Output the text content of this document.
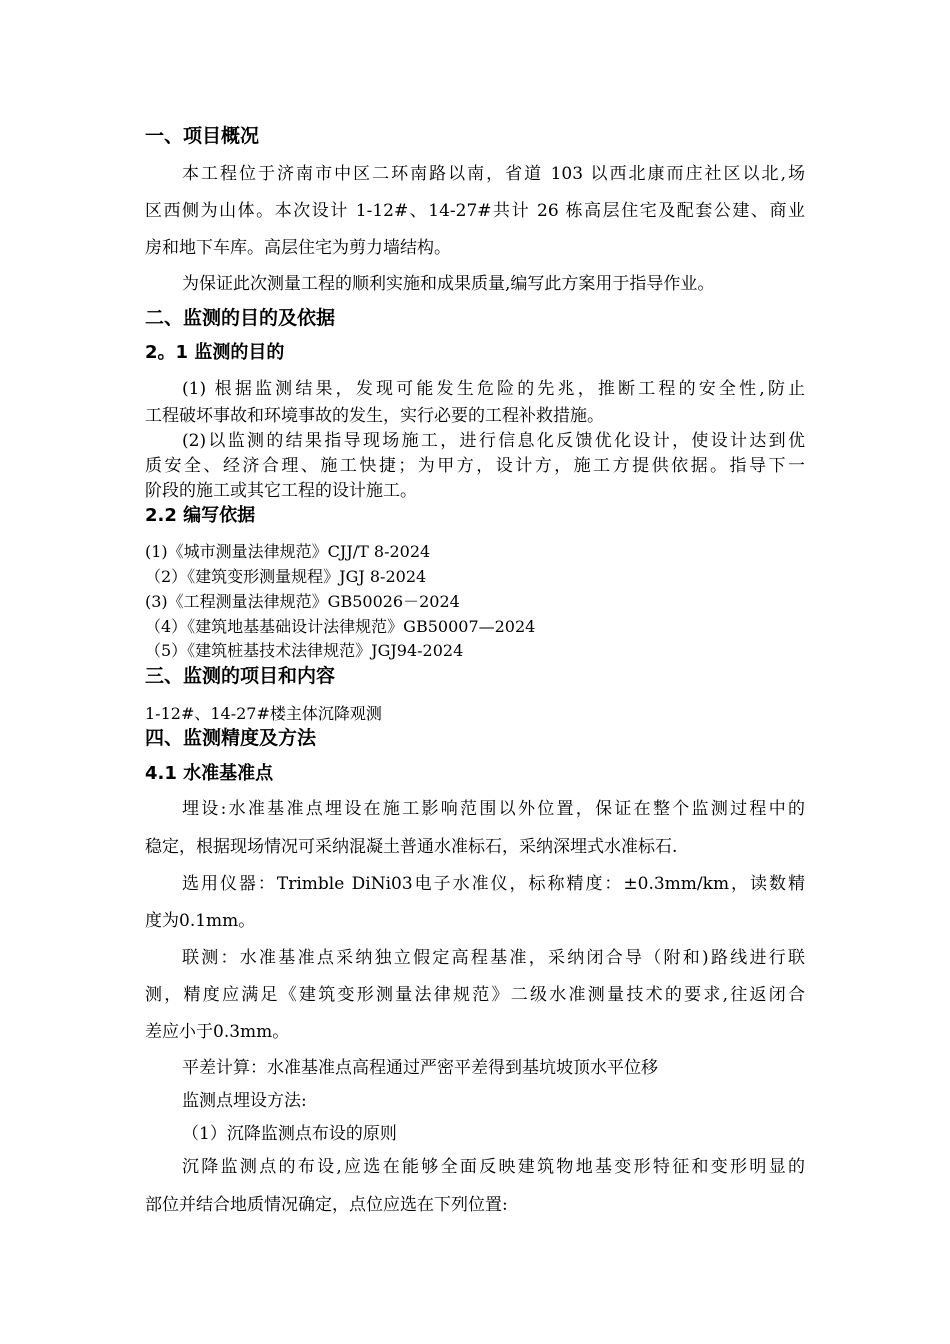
一、项目概况
本工程位于济南市中区二环南路以南，省道 103 以西北康而庄社区以北,场
区西侧为山体。本次设计 1-12#、14-27#共计 26 栋高层住宅及配套公建、商业
房和地下车库。高层住宅为剪力墙结构。
为保证此次测量工程的顺利实施和成果质量,编写此方案用于指导作业。
二、监测的目的及依据
2。1 监测的目的
(1) 根据监测结果，发现可能发生危险的先兆，推断工程的安全性,防止
工程破坏事故和环境事故的发生，实行必要的工程补救措施。
(2)以监测的结果指导现场施工，进行信息化反馈优化设计，使设计达到优
质安全、经济合理、施工快捷；为甲方，设计方，施工方提供依据。指导下一
阶段的施工或其它工程的设计施工。
2.2 编写依据
(1)《城市测量法律规范》CJJ/T 8-2024
（2）《建筑变形测量规程》JGJ 8-2024
(3)《工程测量法律规范》GB50026－2024
（4）《建筑地基基础设计法律规范》GB50007—2024
（5）《建筑桩基技术法律规范》JGJ94-2024
三、监测的项目和内容
1-12#、14-27#楼主体沉降观测
四、监测精度及方法
4.1 水准基准点
埋设:水准基准点埋设在施工影响范围以外位置，保证在整个监测过程中的
稳定，根据现场情况可采纳混凝土普通水准标石，采纳深埋式水准标石.
选用仪器：Trimble DiNi03电子水准仪，标称精度：±0.3mm/km，读数精
度为0.1mm。
联测：水准基准点采纳独立假定高程基准，采纳闭合导（附和)路线进行联
测，精度应满足《建筑变形测量法律规范》二级水准测量技术的要求,往返闭合
差应小于0.3mm。
平差计算：水准基准点高程通过严密平差得到基坑坡顶水平位移
监测点埋设方法:
（1）沉降监测点布设的原则
沉降监测点的布设,应选在能够全面反映建筑物地基变形特征和变形明显的
部位并结合地质情况确定，点位应选在下列位置:
